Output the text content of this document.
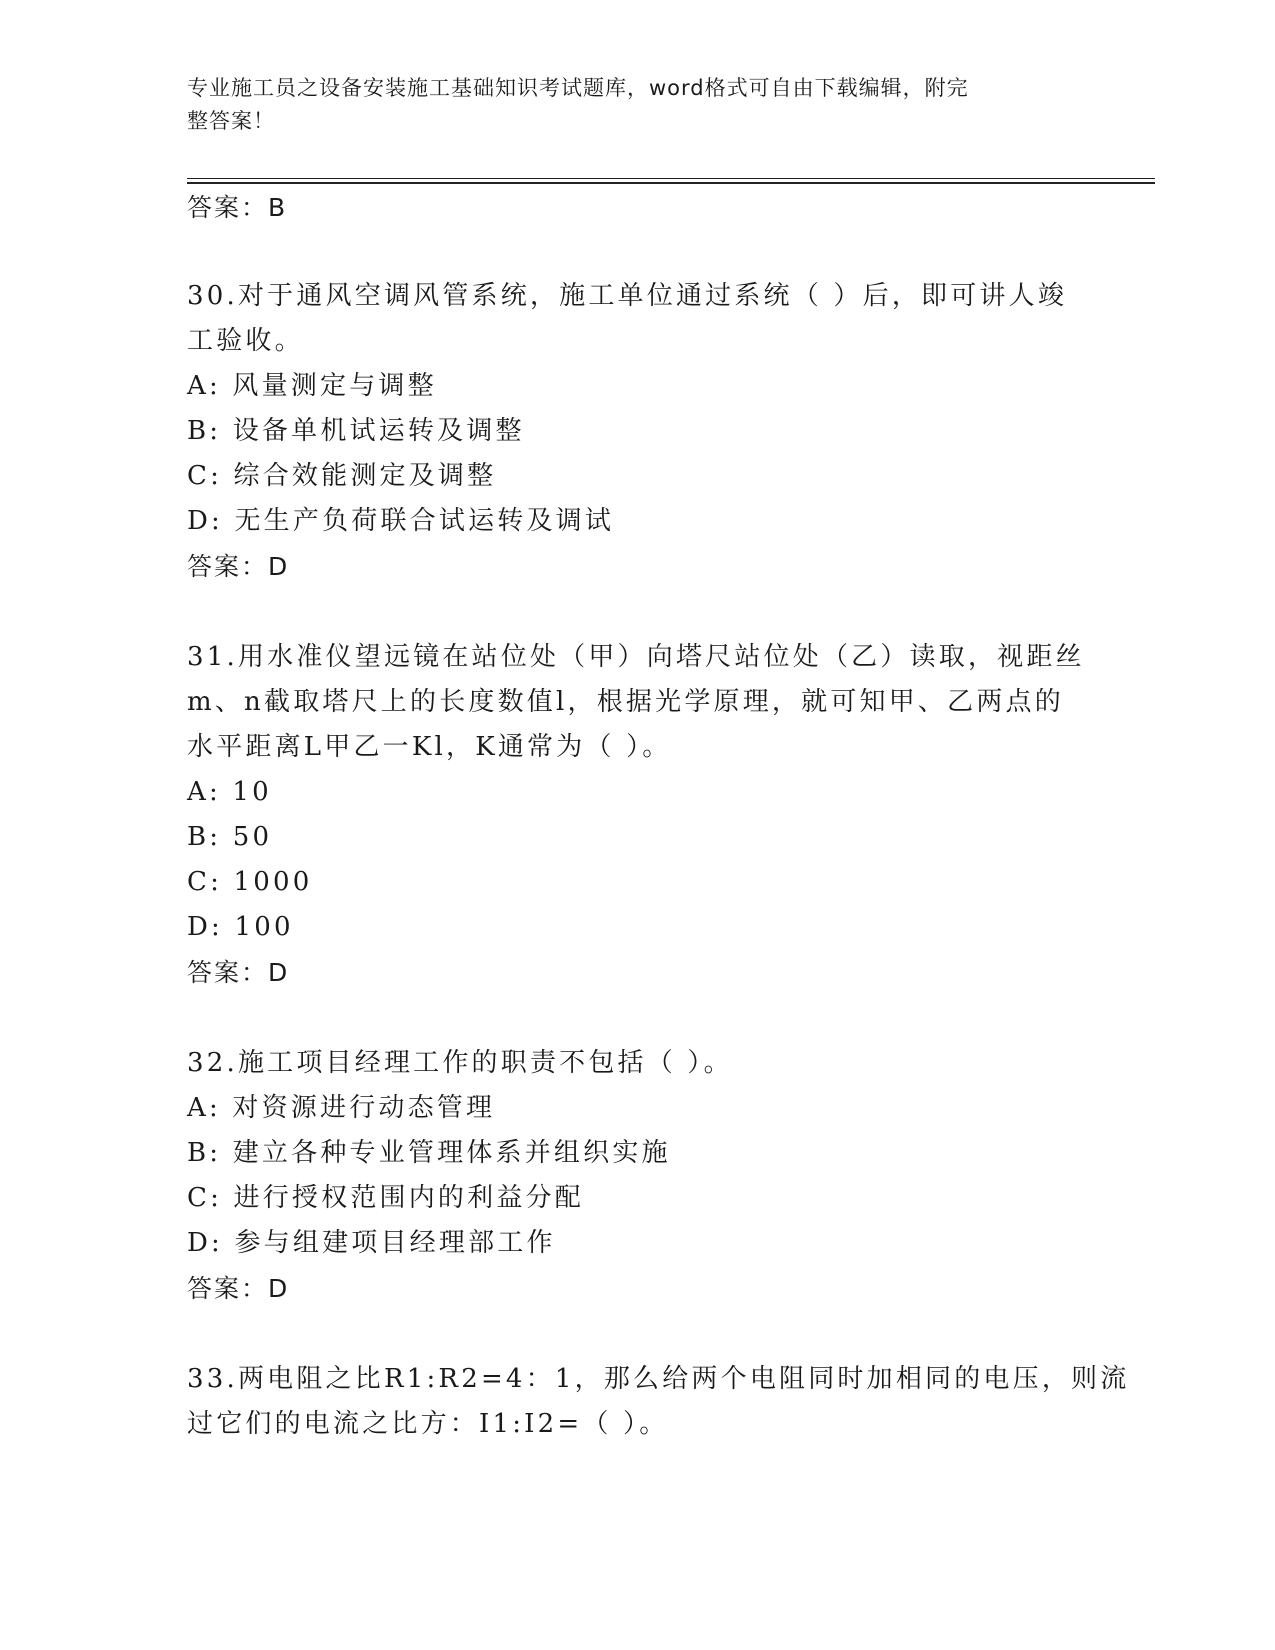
专业施工员之设备安装施工基础知识考试题库，word格式可自由下载编辑，附完
整答案！
答案：B
30.对于通风空调风管系统，施工单位通过系统（ ）后，即可讲人竣
工验收。
A: 风量测定与调整
B: 设备单机试运转及调整
C: 综合效能测定及调整
D: 无生产负荷联合试运转及调试
答案：D
31.用水准仪望远镜在站位处（甲）向塔尺站位处（乙）读取，视距丝
m、n截取塔尺上的长度数值l，根据光学原理，就可知甲、乙两点的
水平距离L甲乙一Kl，K通常为（ ）。
A: 10
B: 50
C: 1000
D: 100
答案：D
32.施工项目经理工作的职责不包括（ ）。
A: 对资源进行动态管理
B: 建立各种专业管理体系并组织实施
C: 进行授权范围内的利益分配
D: 参与组建项目经理部工作
答案：D
33.两电阻之比R1:R2=4：1，那么给两个电阻同时加相同的电压，则流
过它们的电流之比方：I1:I2=（ ）。
